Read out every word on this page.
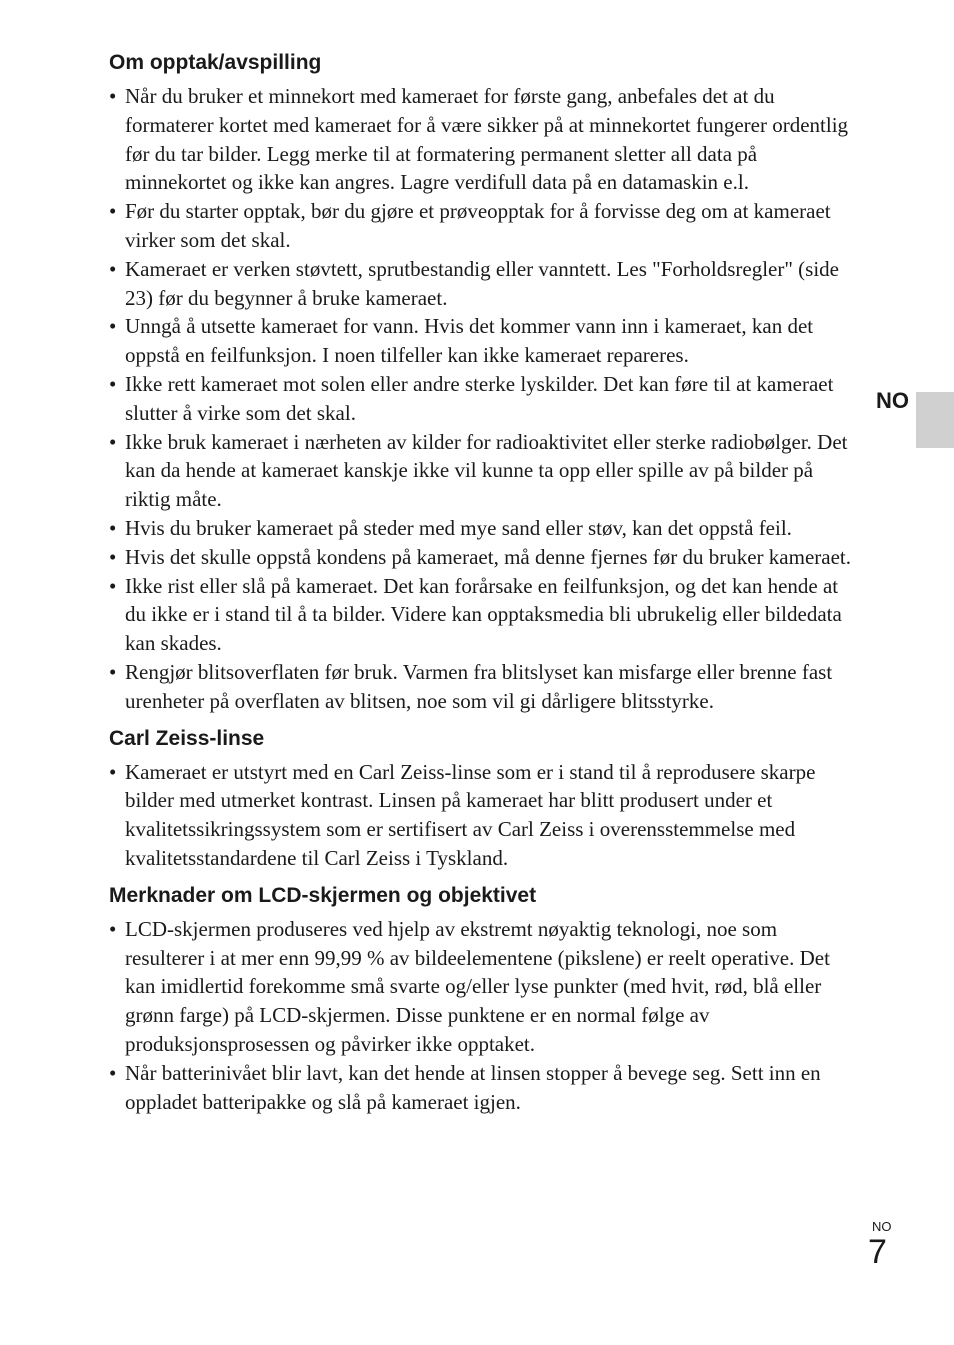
Om opptak/avspilling
• Når du bruker et minnekort med kameraet for første gang, anbefales det at du formaterer kortet med kameraet for å være sikker på at minnekortet fungerer ordentlig før du tar bilder. Legg merke til at formatering permanent sletter all data på minnekortet og ikke kan angres. Lagre verdifull data på en datamaskin e.l.
• Før du starter opptak, bør du gjøre et prøveopptak for å forvisse deg om at kameraet virker som det skal.
• Kameraet er verken støvtett, sprutbestandig eller vanntett. Les "Forholdsregler" (side 23) før du begynner å bruke kameraet.
• Unngå å utsette kameraet for vann. Hvis det kommer vann inn i kameraet, kan det oppstå en feilfunksjon. I noen tilfeller kan ikke kameraet repareres.
• Ikke rett kameraet mot solen eller andre sterke lyskilder. Det kan føre til at kameraet slutter å virke som det skal.
• Ikke bruk kameraet i nærheten av kilder for radioaktivitet eller sterke radiobølger. Det kan da hende at kameraet kanskje ikke vil kunne ta opp eller spille av på bilder på riktig måte.
• Hvis du bruker kameraet på steder med mye sand eller støv, kan det oppstå feil.
• Hvis det skulle oppstå kondens på kameraet, må denne fjernes før du bruker kameraet.
• Ikke rist eller slå på kameraet. Det kan forårsake en feilfunksjon, og det kan hende at du ikke er i stand til å ta bilder. Videre kan opptaksmedia bli ubrukelig eller bildedata kan skades.
• Rengjør blitsoverflaten før bruk. Varmen fra blitslyset kan misfarge eller brenne fast urenheter på overflaten av blitsen, noe som vil gi dårligere blitsstyrke.
Carl Zeiss-linse
• Kameraet er utstyrt med en Carl Zeiss-linse som er i stand til å reprodusere skarpe bilder med utmerket kontrast. Linsen på kameraet har blitt produsert under et kvalitetssikringssystem som er sertifisert av Carl Zeiss i overensstemmelse med kvalitetsstandardene til Carl Zeiss i Tyskland.
Merknader om LCD-skjermen og objektivet
• LCD-skjermen produseres ved hjelp av ekstremt nøyaktig teknologi, noe som resulterer i at mer enn 99,99 % av bildeelementene (pikslene) er reelt operative. Det kan imidlertid forekomme små svarte og/eller lyse punkter (med hvit, rød, blå eller grønn farge) på LCD-skjermen. Disse punktene er en normal følge av produksjonsprosessen og påvirker ikke opptaket.
• Når batterinivået blir lavt, kan det hende at linsen stopper å bevege seg. Sett inn en oppladet batteripakke og slå på kameraet igjen.
NO
NO
7
